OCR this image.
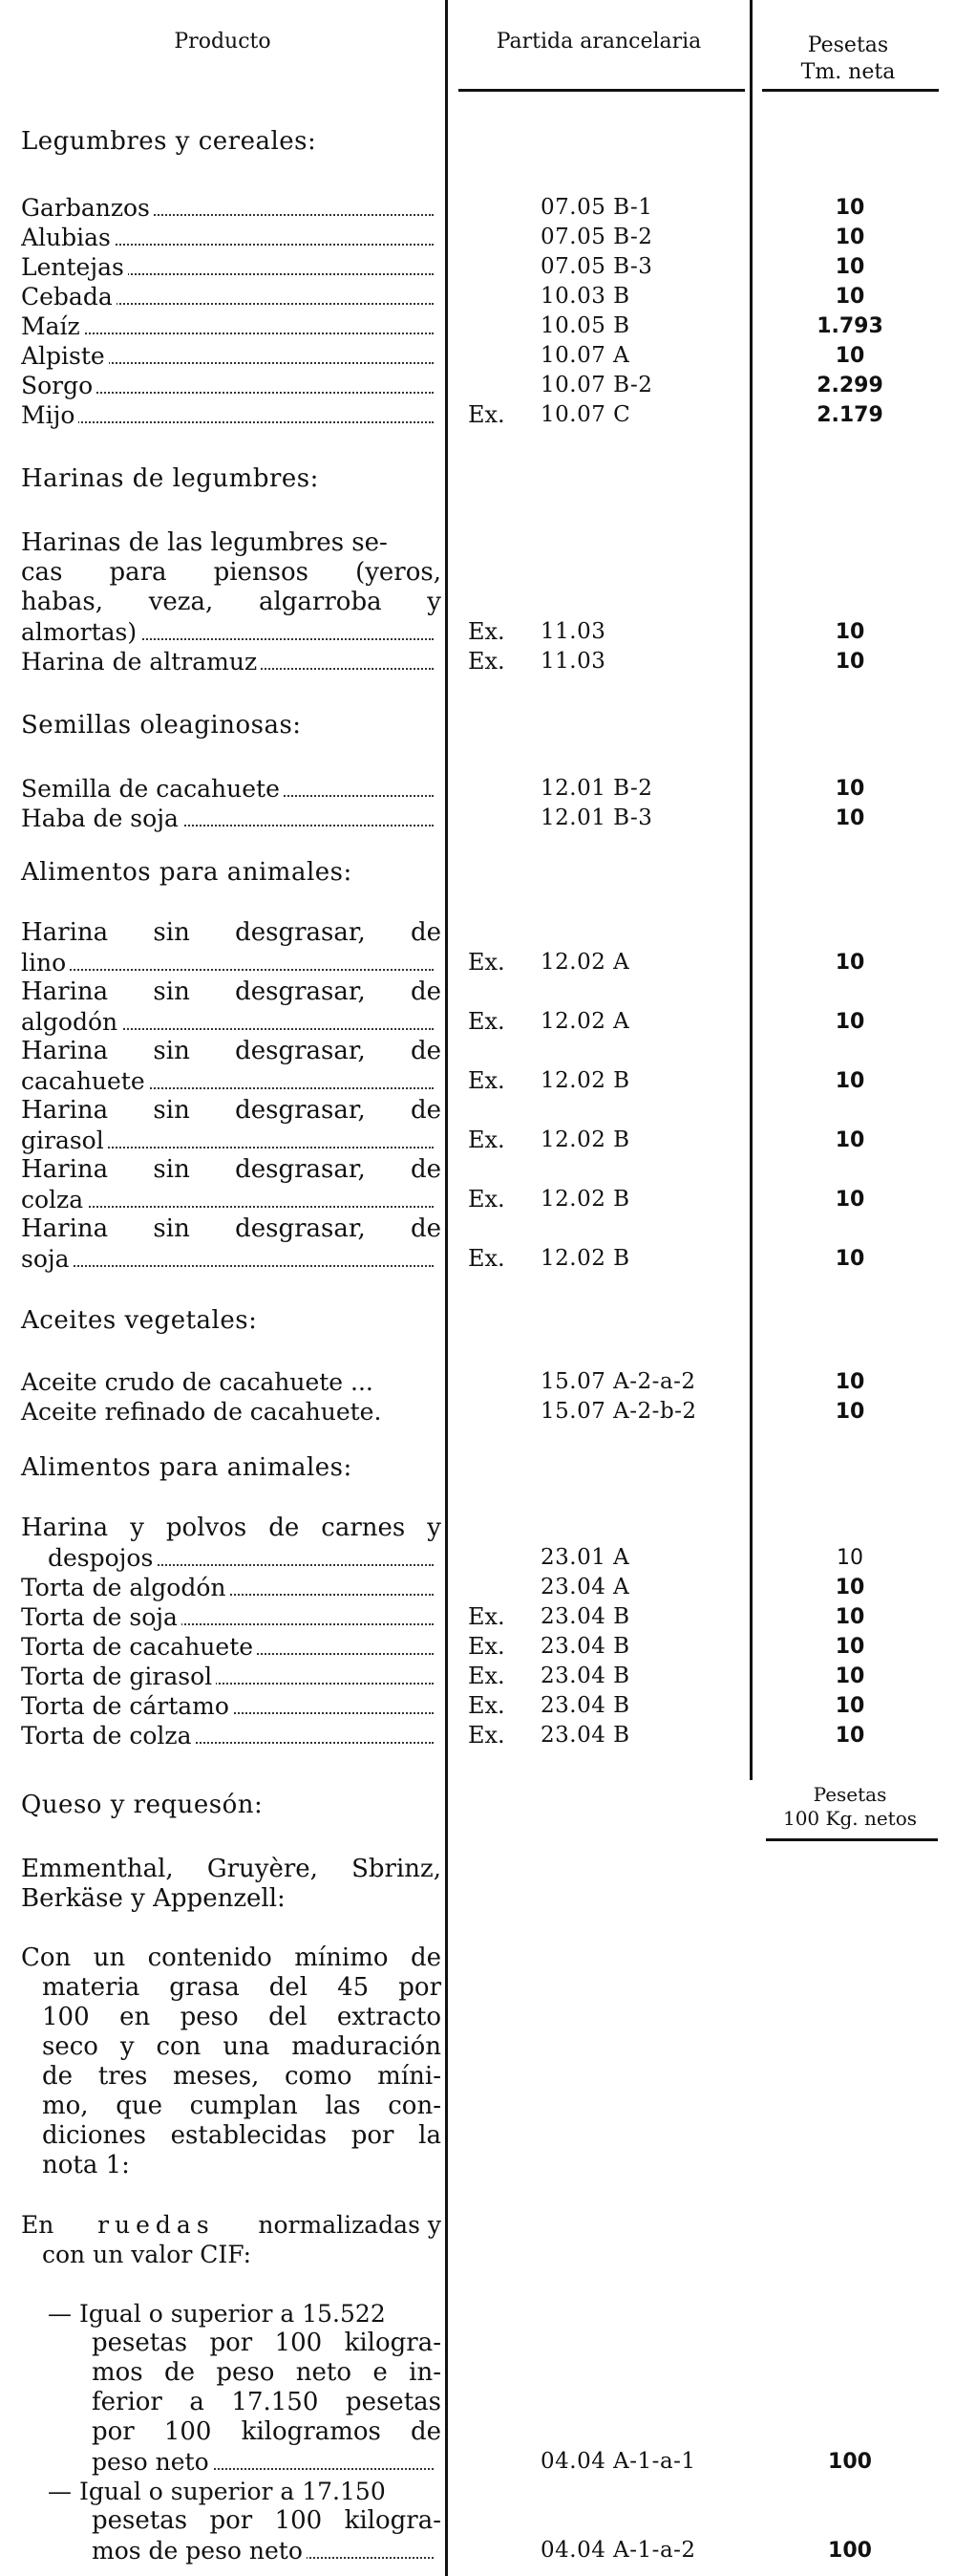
Producto	Partida arancelaria	Pesetas
Tm. neta
Legumbres y cereales:
Garbanzos	07.05 B-1	10
Alubias	07.05 B-2	10
Lentejas	07.05 B-3	10
Cebada	10.03 B	10
Maíz	10.05 B	1.793
Alpiste	10.07 A	10
Sorgo	10.07 B-2	2.299
Mijo	Ex. 10.07 C	2.179
Harinas de legumbres:
Harinas de las legumbres se-
cas para piensos (yeros,
habas, veza, algarroba y
almortas)	Ex. 11.03	10
Harina de altramuz	Ex. 11.03	10
Semillas oleaginosas:
Semilla de cacahuete	12.01 B-2	10
Haba de soja	12.01 B-3	10
Alimentos para animales:
Harina sin desgrasar, de
lino	Ex. 12.02 A	10
Harina sin desgrasar, de
algodón	Ex. 12.02 A	10
Harina sin desgrasar, de
cacahuete	Ex. 12.02 B	10
Harina sin desgrasar, de
girasol	Ex. 12.02 B	10
Harina sin desgrasar, de
colza	Ex. 12.02 B	10
Harina sin desgrasar, de
soja	Ex. 12.02 B	10
Aceites vegetales:
Aceite crudo de cacahuete ...	15.07 A-2-a-2	10
Aceite refinado de cacahuete.	15.07 A-2-b-2	10
Alimentos para animales:
Harina y polvos de carnes y
despojos	23.01 A	10
Torta de algodón	23.04 A	10
Torta de soja	Ex. 23.04 B	10
Torta de cacahuete	Ex. 23.04 B	10
Torta de girasol	Ex. 23.04 B	10
Torta de cártamo	Ex. 23.04 B	10
Torta de colza	Ex. 23.04 B	10
Queso y requesón:	Pesetas
100 Kg. netos
Emmenthal, Gruyère, Sbrinz,
Berkäse y Appenzell:
Con un contenido mínimo de
materia grasa del 45 por
100 en peso del extracto
seco y con una maduración
de tres meses, como míni-
mo, que cumplan las con-
diciones establecidas por la
nota 1:
En ruedas normalizadas y
con un valor CIF:
— Igual o superior a 15.522
pesetas por 100 kilogra-
mos de peso neto e in-
ferior a 17.150 pesetas
por 100 kilogramos de
peso neto	04.04 A-1-a-1	100
— Igual o superior a 17.150
pesetas por 100 kilogra-
mos de peso neto	04.04 A-1-a-2	100
